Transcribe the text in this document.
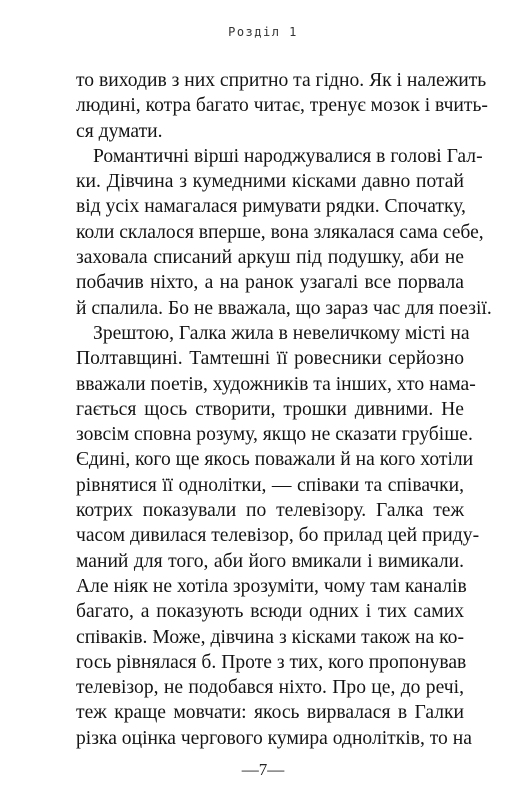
Розділ 1
то виходив з них спритно та гідно. Як і належить
людині, котра багато читає, тренує мозок і вчить-
ся думати.
Романтичні вірші народжувалися в голові Гал-
ки. Дівчина з кумедними кісками давно потай
від усіх намагалася римувати рядки. Спочатку,
коли склалося вперше, вона злякалася сама себе,
заховала списаний аркуш під подушку, аби не
побачив ніхто, а на ранок узагалі все порвала
й спалила. Бо не вважала, що зараз час для поезії.
Зрештою, Галка жила в невеличкому місті на
Полтавщині. Тамтешні її ровесники серйозно
вважали поетів, художників та інших, хто нама-
гається щось створити, трошки дивними. Не
зовсім сповна розуму, якщо не сказати грубіше.
Єдині, кого ще якось поважали й на кого хотіли
рівнятися її однолітки, — співаки та співачки,
котрих показували по телевізору. Галка теж
часом дивилася телевізор, бо прилад цей приду-
маний для того, аби його вмикали і вимикали.
Але ніяк не хотіла зрозуміти, чому там каналів
багато, а показують всюди одних і тих самих
співаків. Може, дівчина з кісками також на ко-
гось рівнялася б. Проте з тих, кого пропонував
телевізор, не подобався ніхто. Про це, до речі,
теж краще мовчати: якось вирвалася в Галки
різка оцінка чергового кумира однолітків, то на
—7—
